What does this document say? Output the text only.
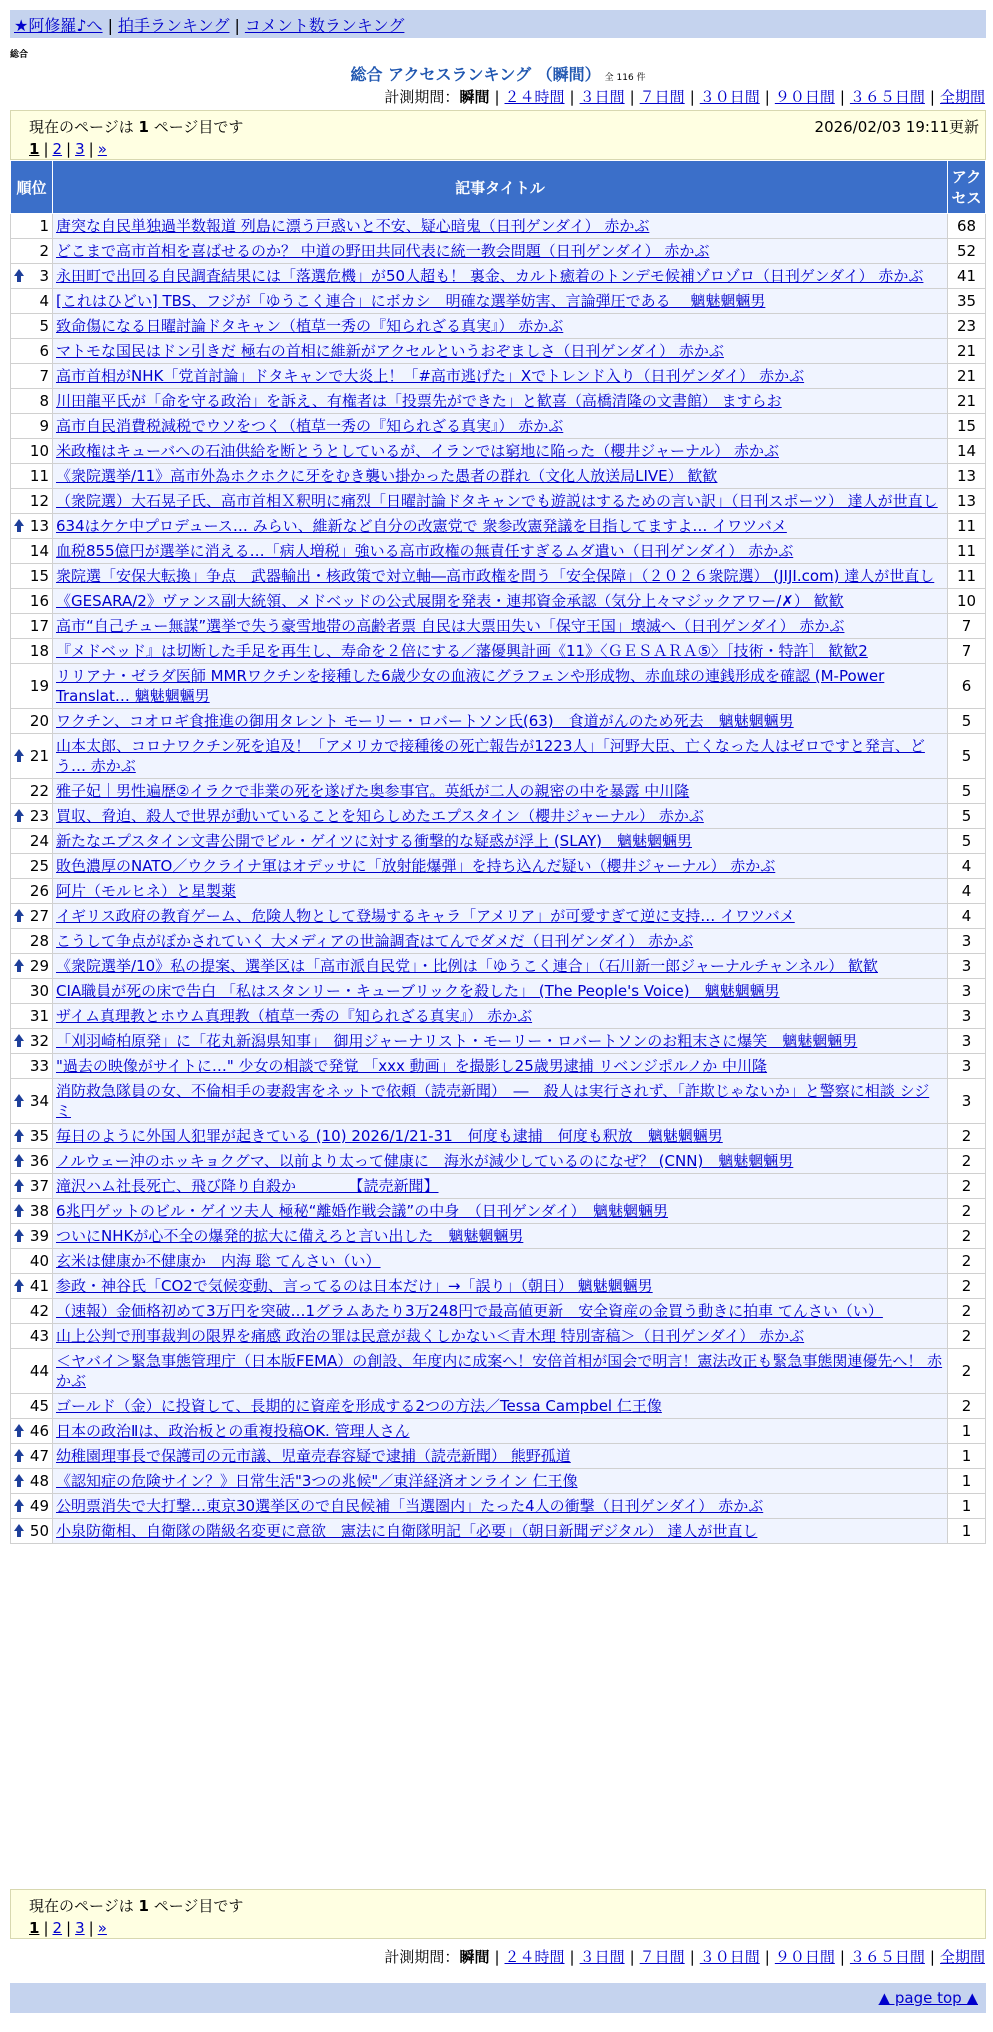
★阿修羅♪へ | 拍手ランキング | コメント数ランキング
総合
総合 アクセスランキング （瞬間） 全 116 件
計測期間：瞬間 | ２４時間 | ３日間 | ７日間 | ３０日間 | ９０日間 | ３６５日間 | 全期間
現在のページは 1 ページ目です	2026/02/03 19:11更新
1 | 2 | 3 | »
順位	記事タイトル	アクセス
1	唐突な自民単独過半数報道 列島に漂う戸惑いと不安、疑心暗鬼（日刊ゲンダイ） 赤かぶ	68
2	どこまで高市首相を喜ばせるのか？ 中道の野田共同代表に統一教会問題（日刊ゲンダイ） 赤かぶ	52

3	永田町で出回る自民調査結果には「落選危機」が50人超も！ 裏金、カルト癒着のトンデモ候補ゾロゾロ（日刊ゲンダイ） 赤かぶ	41
4	[これはひどい] TBS、フジが「ゆうこく連合」にボカシ　明確な選挙妨害、言論弾圧である　 魑魅魍魎男	35
5	致命傷になる日曜討論ドタキャン（植草一秀の『知られざる真実』） 赤かぶ	23
6	マトモな国民はドン引きだ 極右の首相に維新がアクセルというおぞましさ（日刊ゲンダイ） 赤かぶ	21
7	高市首相がNHK「党首討論」ドタキャンで大炎上！「#高市逃げた」Xでトレンド入り（日刊ゲンダイ） 赤かぶ	21
8	川田龍平氏が「命を守る政治」を訴え、有権者は「投票先ができた」と歓喜（高橋清隆の文書館） ますらお	21
9	高市自民消費税減税でウソをつく（植草一秀の『知られざる真実』） 赤かぶ	15
10	米政権はキューバへの石油供給を断とうとしているが、イランでは窮地に陥った（櫻井ジャーナル） 赤かぶ	14
11	《衆院選挙/11》高市外為ホクホクに牙をむき襲い掛かった愚者の群れ（文化人放送局LIVE） 歓歓	13
12	（衆院選）大石晃子氏、高市首相Ｘ釈明に痛烈「日曜討論ドタキャンでも遊説はするための言い訳」（日刊スポーツ） 達人が世直し	13

13	634はケケ中プロデュース… みらい、維新など自分の改憲党で 衆参改憲発議を目指してますよ… イワツバメ	11
14	血税855億円が選挙に消える…「病人増税」強いる高市政権の無責任すぎるムダ遣い（日刊ゲンダイ） 赤かぶ	11
15	衆院選「安保大転換」争点　武器輸出・核政策で対立軸―高市政権を問う「安全保障」（２０２６衆院選） (JIJI.com) 達人が世直し	11
16	《GESARA/2》ヴァンス副大統領、メドベッドの公式展開を発表・連邦資金承認（気分上々マジックアワー/✗） 歓歓	10
17	高市“自己チュー無謀”選挙で失う豪雪地帯の高齢者票 自民は大票田失い「保守王国」壊滅へ（日刊ゲンダイ） 赤かぶ	7
18	『メドベッド』は切断した手足を再生し、寿命を２倍にする／藩優興計画《11》〈ＧＥＳＡＲＡ⑤〉［技術・特許］ 歓歓2	7
19	リリアナ・ゼラダ医師 MMRワクチンを接種した6歳少女の血液にグラフェンや形成物、赤血球の連銭形成を確認 (M-Power Translat… 魑魅魍魎男	6
20	ワクチン、コオロギ食推進の御用タレント モーリー・ロバートソン氏(63)　食道がんのため死去　魑魅魍魎男	5

21	山本太郎、コロナワクチン死を追及！「アメリカで接種後の死亡報告が1223人」「河野大臣、亡くなった人はゼロですと発言、どう… 赤かぶ	5
22	雅子妃｜男性遍歴②イラクで非業の死を遂げた奥参事官。英紙が二人の親密の中を暴露 中川隆	5

23	買収、脅迫、殺人で世界が動いていることを知らしめたエプスタイン（櫻井ジャーナル） 赤かぶ	5
24	新たなエプスタイン文書公開でビル・ゲイツに対する衝撃的な疑惑が浮上 (SLAY)　魑魅魍魎男	5
25	敗色濃厚のNATO／ウクライナ軍はオデッサに「放射能爆弾」を持ち込んだ疑い（櫻井ジャーナル） 赤かぶ	4
26	阿片（モルヒネ）と星製薬	4

27	イギリス政府の教育ゲーム、危険人物として登場するキャラ「アメリア」が可愛すぎて逆に支持… イワツバメ	4
28	こうして争点がぼかされていく 大メディアの世論調査はてんでダメだ（日刊ゲンダイ） 赤かぶ	3

29	《衆院選挙/10》私の提案、選挙区は「高市派自民党」・比例は「ゆうこく連合」（石川新一郎ジャーナルチャンネル） 歓歓	3
30	CIA職員が死の床で告白 「私はスタンリー・キューブリックを殺した」 (The People's Voice)　魑魅魍魎男	3
31	ザイム真理教とホウム真理教（植草一秀の『知られざる真実』） 赤かぶ	3

32	「刈羽崎柏原発」に「花丸新潟県知事」　御用ジャーナリスト・モーリー・ロバートソンのお粗末さに爆笑　魑魅魍魎男	3
33	"過去の映像がサイトに…" 少女の相談で発覚 「xxx 動画」を撮影し25歳男逮捕 リベンジポルノか 中川隆	3

34	消防救急隊員の女、不倫相手の妻殺害をネットで依頼（読売新聞）　―　殺人は実行されず、「詐欺じゃないか」と警察に相談 シジミ	3

35	毎日のように外国人犯罪が起きている (10) 2026/1/21-31　何度も逮捕　何度も釈放　魑魅魍魎男	2

36	ノルウェー沖のホッキョクグマ、以前より太って健康に　海氷が減少しているのになぜ？ (CNN)　魑魅魍魎男	2

37	滝沢ハム社長死亡、飛び降り自殺か　　　　【読売新聞】	2

38	6兆円ゲットのビル・ゲイツ夫人 極秘“離婚作戦会議”の中身　（日刊ゲンダイ）　魑魅魍魎男	2

39	ついにNHKが心不全の爆発的拡大に備えろと言い出した　魑魅魍魎男	2
40	玄米は健康か不健康か　内海 聡 てんさい（い）	2

41	参政・神谷氏「CO2で気候変動、言ってるのは日本だけ」→「誤り」（朝日） 魑魅魍魎男	2
42	（速報）金価格初めて3万円を突破…1グラムあたり3万248円で最高値更新　安全資産の金買う動きに拍車 てんさい（い）	2
43	山上公判で刑事裁判の限界を痛感 政治の罪は民意が裁くしかない＜青木理 特別寄稿＞（日刊ゲンダイ） 赤かぶ	2
44	＜ヤバイ＞緊急事態管理庁（日本版FEMA）の創設、年度内に成案へ！安倍首相が国会で明言！憲法改正も緊急事態関連優先へ！ 赤かぶ	2
45	ゴールド（金）に投資して、長期的に資産を形成する2つの方法／Tessa Campbel 仁王像	2

46	日本の政治Ⅱは、政治板との重複投稿OK. 管理人さん	1

47	幼稚園理事長で保護司の元市議、児童売春容疑で逮捕（読売新聞） 熊野孤道	1

48	《認知症の危険サイン？》日常生活"3つの兆候"／東洋経済オンライン 仁王像	1

49	公明票消失で大打撃…東京30選挙区ので自民候補「当選圏内」たった4人の衝撃（日刊ゲンダイ） 赤かぶ	1

50	小泉防衛相、自衛隊の階級名変更に意欲　憲法に自衛隊明記「必要」（朝日新聞デジタル） 達人が世直し	1
現在のページは 1 ページ目です
1 | 2 | 3 | »
計測期間：瞬間 | ２４時間 | ３日間 | ７日間 | ３０日間 | ９０日間 | ３６５日間 | 全期間
▲ page top ▲
